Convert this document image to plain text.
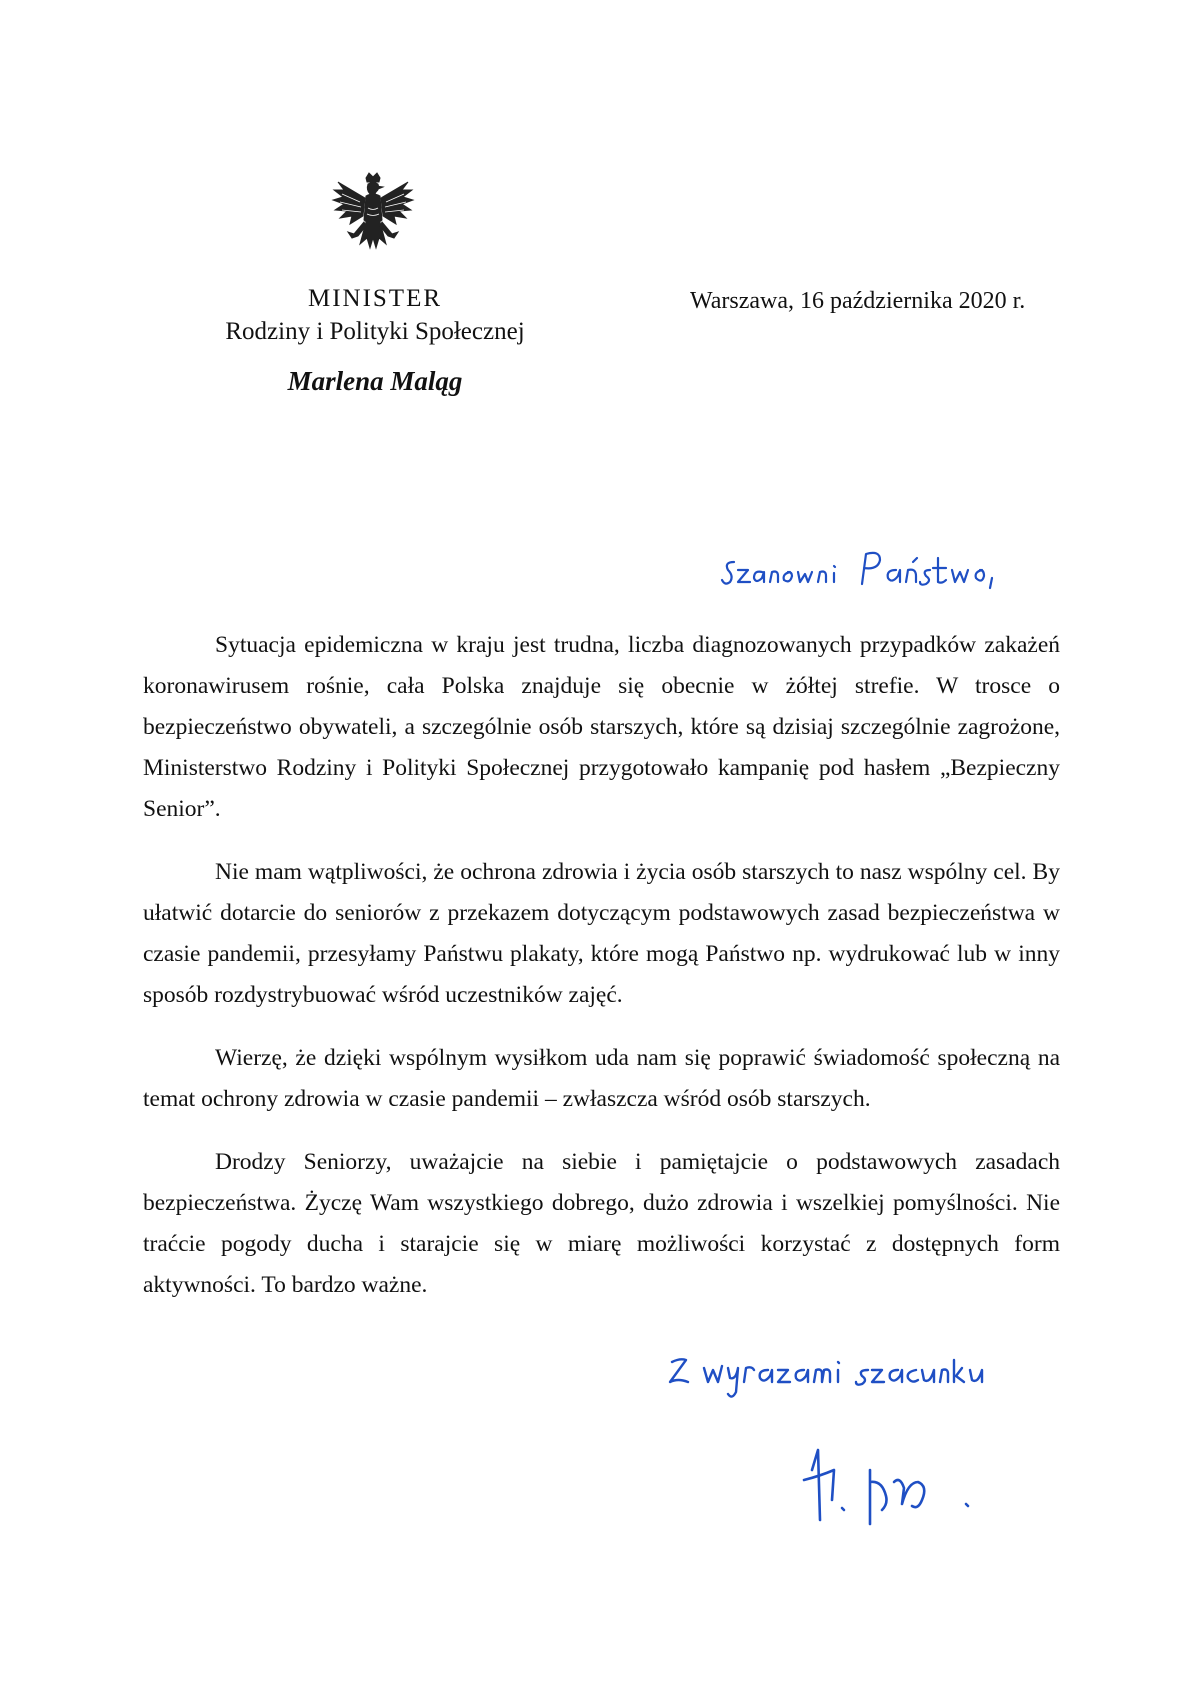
MINISTER
Rodziny i Polityki Społecznej
Marlena Maląg
Warszawa, 16 października 2020 r.

Sytuacja epidemiczna w kraju jest trudna, liczba diagnozowanych przypadków zakażeń koronawirusem rośnie, cała Polska znajduje się obecnie w żółtej strefie. W trosce o bezpieczeństwo obywateli, a szczególnie osób starszych, które są dzisiaj szczególnie zagrożone, Ministerstwo Rodziny i Polityki Społecznej przygotowało kampanię pod hasłem „Bezpieczny Senior”.

Nie mam wątpliwości, że ochrona zdrowia i życia osób starszych to nasz wspólny cel. By ułatwić dotarcie do seniorów z przekazem dotyczącym podstawowych zasad bezpieczeństwa w czasie pandemii, przesyłamy Państwu plakaty, które mogą Państwo np. wydrukować lub w inny sposób rozdystrybuować wśród uczestników zajęć.

Wierzę, że dzięki wspólnym wysiłkom uda nam się poprawić świadomość społeczną na temat ochrony zdrowia w czasie pandemii – zwłaszcza wśród osób starszych.

Drodzy Seniorzy, uważajcie na siebie i pamiętajcie o podstawowych zasadach bezpieczeństwa. Życzę Wam wszystkiego dobrego, dużo zdrowia i wszelkiej pomyślności. Nie traćcie pogody ducha i starajcie się w miarę możliwości korzystać z dostępnych form aktywności. To bardzo ważne.
